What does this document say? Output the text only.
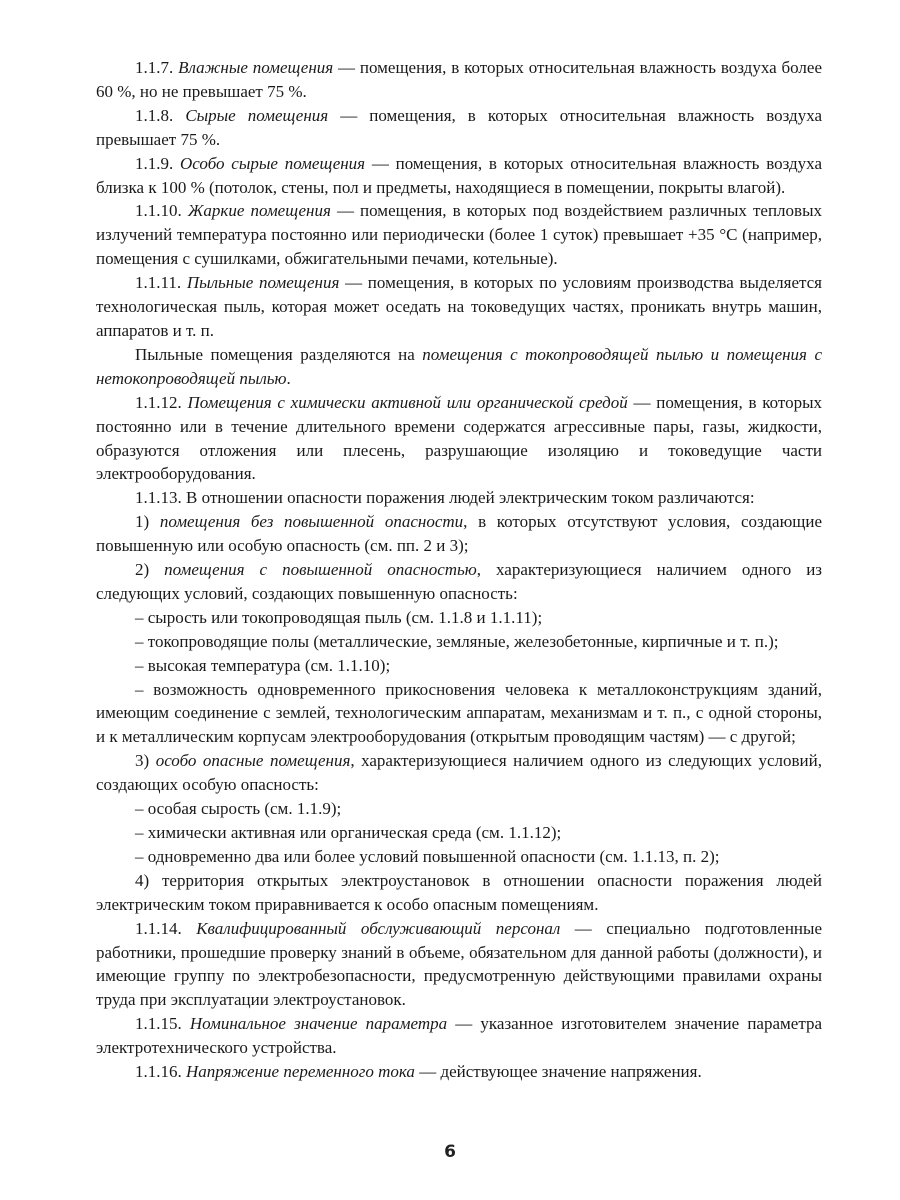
1.1.7. Влажные помещения — помещения, в которых относительная влажность воздуха более 60 %, но не превышает 75 %.

1.1.8. Сырые помещения — помещения, в которых относительная влажность воздуха превышает 75 %.

1.1.9. Особо сырые помещения — помещения, в которых относительная влажность воздуха близка к 100 % (потолок, стены, пол и предметы, находящиеся в помещении, покрыты влагой).

1.1.10. Жаркие помещения — помещения, в которых под воздействием различных тепловых излучений температура постоянно или периодически (более 1 суток) превышает +35 °С (например, помещения с сушилками, обжигательными печами, котельные).

1.1.11. Пыльные помещения — помещения, в которых по условиям производства выделяется технологическая пыль, которая может оседать на токоведущих частях, проникать внутрь машин, аппаратов и т. п.

Пыльные помещения разделяются на помещения с токопроводящей пылью и помещения с нетокопроводящей пылью.

1.1.12. Помещения с химически активной или органической средой — помещения, в которых постоянно или в течение длительного времени содержатся агрессивные пары, газы, жидкости, образуются отложения или плесень, разрушающие изоляцию и токоведущие части электрооборудования.

1.1.13. В отношении опасности поражения людей электрическим током различаются:

1) помещения без повышенной опасности, в которых отсутствуют условия, создающие повышенную или особую опасность (см. пп. 2 и 3);

2) помещения с повышенной опасностью, характеризующиеся наличием одного из следующих условий, создающих повышенную опасность:

– сырость или токопроводящая пыль (см. 1.1.8 и 1.1.11);

– токопроводящие полы (металлические, земляные, железобетонные, кирпичные и т. п.);

– высокая температура (см. 1.1.10);

– возможность одновременного прикосновения человека к металлоконструкциям зданий, имеющим соединение с землей, технологическим аппаратам, механизмам и т. п., с одной стороны, и к металлическим корпусам электрооборудования (открытым проводящим частям) — с другой;

3) особо опасные помещения, характеризующиеся наличием одного из следующих условий, создающих особую опасность:

– особая сырость (см. 1.1.9);

– химически активная или органическая среда (см. 1.1.12);

– одновременно два или более условий повышенной опасности (см. 1.1.13, п. 2);

4) территория открытых электроустановок в отношении опасности поражения людей электрическим током приравнивается к особо опасным помещениям.

1.1.14. Квалифицированный обслуживающий персонал — специально подготовленные работники, прошедшие проверку знаний в объеме, обязательном для данной работы (должности), и имеющие группу по электробезопасности, предусмотренную действующими правилами охраны труда при эксплуатации электроустановок.

1.1.15. Номинальное значение параметра — указанное изготовителем значение параметра электротехнического устройства.

1.1.16. Напряжение переменного тока — действующее значение напряжения.

6
